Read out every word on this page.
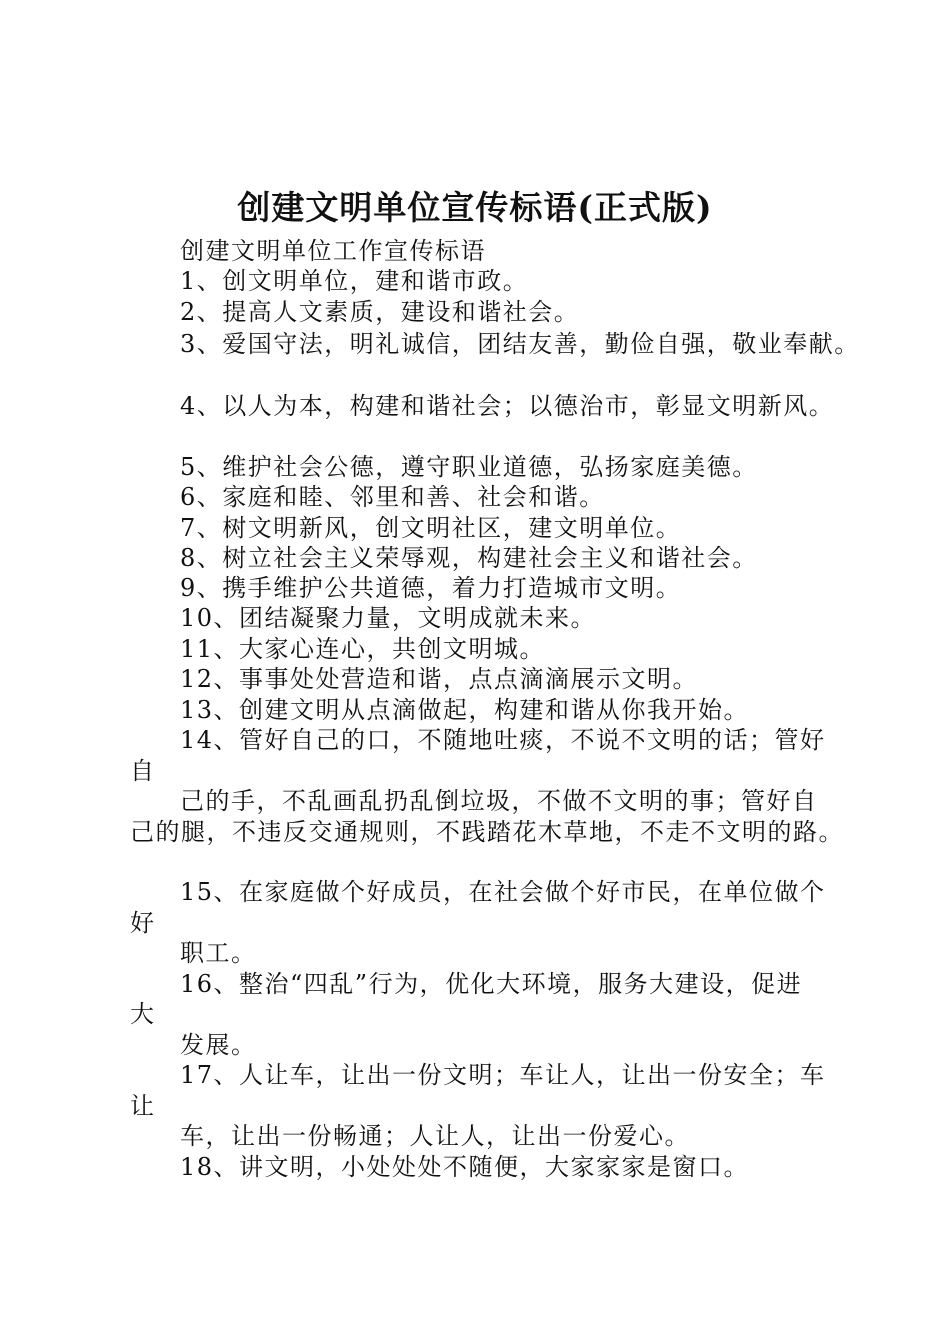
创建文明单位宣传标语(正式版)
创建文明单位工作宣传标语
1、创文明单位，建和谐市政。
2、提高人文素质，建设和谐社会。
3、爱国守法，明礼诚信，团结友善，勤俭自强，敬业奉献。
4、以人为本，构建和谐社会；以德治市，彰显文明新风。
5、维护社会公德，遵守职业道德，弘扬家庭美德。
6、家庭和睦、邻里和善、社会和谐。
7、树文明新风，创文明社区，建文明单位。
8、树立社会主义荣辱观，构建社会主义和谐社会。
9、携手维护公共道德，着力打造城市文明。
10、团结凝聚力量，文明成就未来。
11、大家心连心，共创文明城。
12、事事处处营造和谐，点点滴滴展示文明。
13、创建文明从点滴做起，构建和谐从你我开始。
14、管好自己的口，不随地吐痰，不说不文明的话；管好
自
己的手，不乱画乱扔乱倒垃圾，不做不文明的事；管好自
己的腿，不违反交通规则，不践踏花木草地，不走不文明的路。
15、在家庭做个好成员，在社会做个好市民，在单位做个
好
职工。
16、整治“四乱”行为，优化大环境，服务大建设，促进
大
发展。
17、人让车，让出一份文明；车让人，让出一份安全；车
让
车，让出一份畅通；人让人，让出一份爱心。
18、讲文明，小处处处不随便，大家家家是窗口。
